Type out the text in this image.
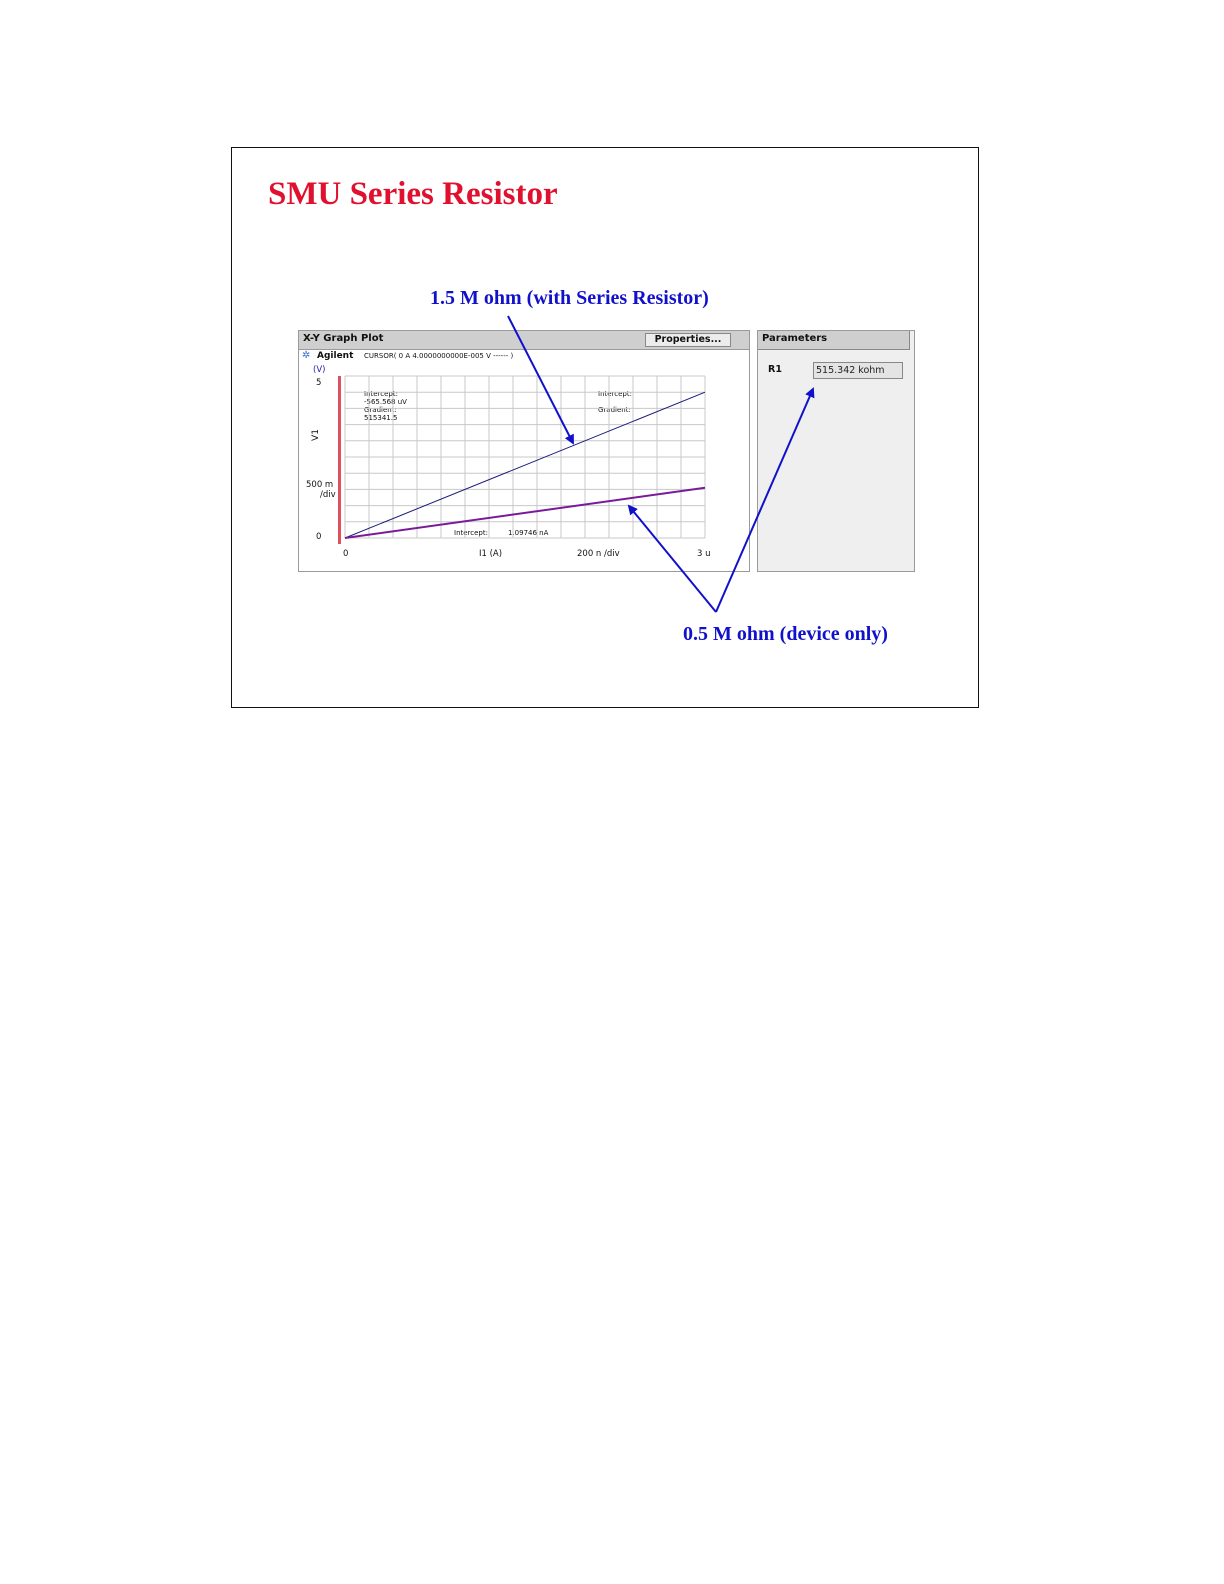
SMU Series Resistor
X-Y Graph Plot	Properties...	Parameters
R1	515.342 kohm
✲ Agilent CURSOR( 0 A 4.0000000000E-005 V ------ )
(V)
5
V1
500 m
/div
0
0	I1 (A)	200 n /div	3 u
Intercept:
-565.568 uV
Gradient:
515341.5
Intercept:
Gradient:
Intercept:	1.09746 nA
1.5 M ohm (with Series Resistor)
0.5 M ohm (device only)
